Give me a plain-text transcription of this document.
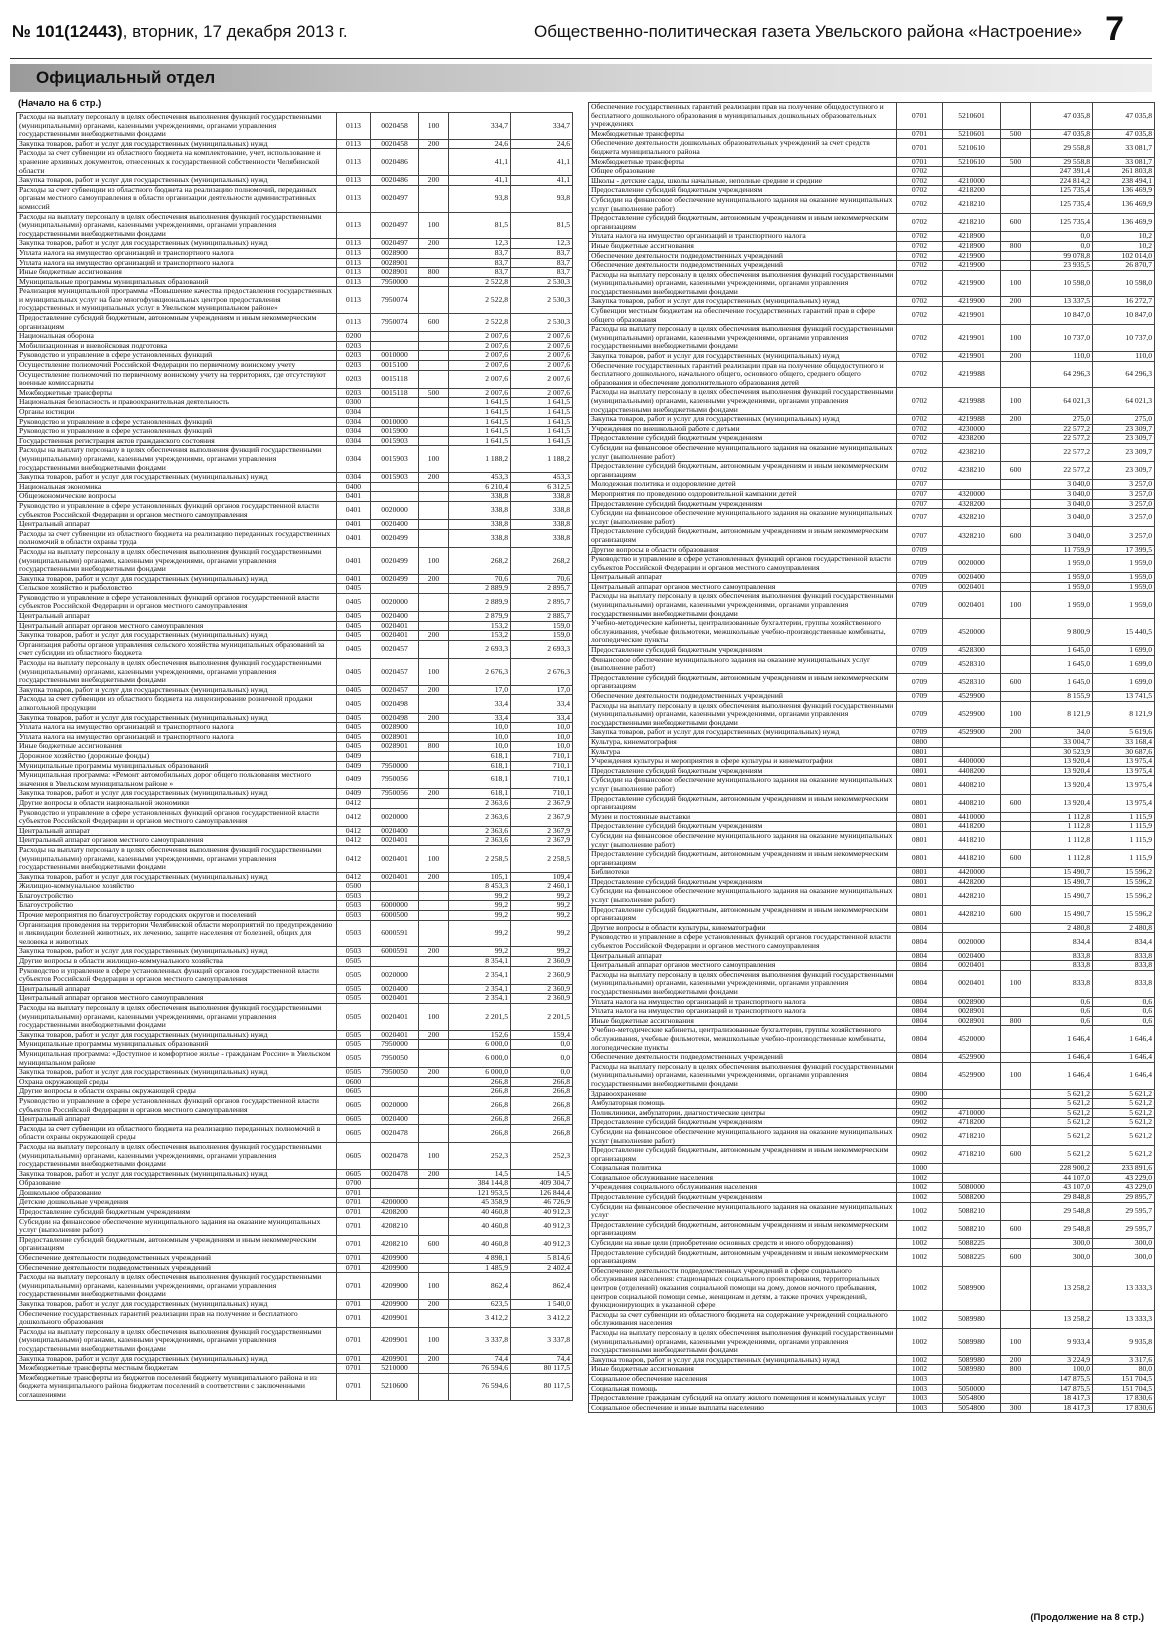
№ 101(12443), вторник, 17 декабря 2013 г.	Общественно-политическая газета Увельского района «Настроение» 7
Официальный отдел
(Начало на 6 стр.)
Расходы на выплату персоналу в целях обеспечения выполнения функций государственными (муниципальными) органами, казенными учреждениями, органами управления государственными внебюджетными фондами	0113	0020458	100	334,7	334,7
Закупка товаров, работ и услуг для государственных (муниципальных) нужд	0113	0020458	200	24,6	24,6
Расходы за счет субвенции из областного бюджета на комплектование, учет, использование и хранение архивных документов, отнесенных к государственной собственности Челябинской области	0113	0020486		41,1	41,1
Закупка товаров, работ и услуг для государственных (муниципальных) нужд	0113	0020486	200	41,1	41,1
Расходы за счет субвенции из областного бюджета на реализацию полномочий, переданных органам местного самоуправления в области организации деятельности административных комиссий	0113	0020497		93,8	93,8
Расходы на выплату персоналу в целях обеспечения выполнения функций государственными (муниципальными) органами, казенными учреждениями, органами управления государственными внебюджетными фондами	0113	0020497	100	81,5	81,5
Закупка товаров, работ и услуг для государственных (муниципальных) нужд	0113	0020497	200	12,3	12,3
Уплата налога на имущество организаций и транспортного налога	0113	0028900		83,7	83,7
Уплата налога на имущество организаций и транспортного налога	0113	0028901		83,7	83,7
Иные бюджетные ассигнования	0113	0028901	800	83,7	83,7
Муниципальные программы муниципальных образований	0113	7950000		2 522,8	2 530,3
Реализация муниципальной программы «Повышение качества предоставления государственных и муниципальных услуг на базе многофункциональных центров предоставления государственных и муниципальных услуг в Увельском муниципальном районе»	0113	7950074		2 522,8	2 530,3
Предоставление субсидий бюджетным, автономным учреждениям и иным некоммерческим организациям	0113	7950074	600	2 522,8	2 530,3
Национальная оборона	0200			2 007,6	2 007,6
Мобилизационная и вневойсковая подготовка	0203			2 007,6	2 007,6
Руководство и управление в сфере установленных функций	0203	0010000		2 007,6	2 007,6
Осуществление полномочий Российской Федерации по первичному воинскому учету	0203	0015100		2 007,6	2 007,6
Осуществление полномочий по первичному воинскому учету на территориях, где отсутствуют военные комиссариаты	0203	0015118		2 007,6	2 007,6
Межбюджетные трансферты	0203	0015118	500	2 007,6	2 007,6
Национальная безопасность и правоохранительная деятельность	0300			1 641,5	1 641,5
Органы юстиции	0304			1 641,5	1 641,5
Руководство и управление в сфере установленных функций	0304	0010000		1 641,5	1 641,5
Руководство и управление в сфере установленных функций	0304	0015900		1 641,5	1 641,5
Государственная регистрация актов гражданского состояния	0304	0015903		1 641,5	1 641,5
Расходы на выплату персоналу в целях обеспечения выполнения функций государственными (муниципальными) органами, казенными учреждениями, органами управления государственными внебюджетными фондами	0304	0015903	100	1 188,2	1 188,2
Закупка товаров, работ и услуг для государственных (муниципальных) нужд	0304	0015903	200	453,3	453,3
Национальная экономика	0400			6 210,4	6 312,5
Общеэкономические вопросы	0401			338,8	338,8
Руководство и управление в сфере установленных функций органов государственной власти субъектов Российской Федерации и органов местного самоуправления	0401	0020000		338,8	338,8
Центральный аппарат	0401	0020400		338,8	338,8
Расходы за счет субвенции из областного бюджета на реализацию переданных государственных полномочий в области охраны труда	0401	0020499		338,8	338,8
Расходы на выплату персоналу в целях обеспечения выполнения функций государственными (муниципальными) органами, казенными учреждениями, органами управления государственными внебюджетными фондами	0401	0020499	100	268,2	268,2
Закупка товаров, работ и услуг для государственных (муниципальных) нужд	0401	0020499	200	70,6	70,6
Сельское хозяйство и рыболовство	0405			2 889,9	2 895,7
Руководство и управление в сфере установленных функций органов государственной власти субъектов Российской Федерации и органов местного самоуправления	0405	0020000		2 889,9	2 895,7
Центральный аппарат	0405	0020400		2 879,9	2 885,7
Центральный аппарат органов местного самоуправления	0405	0020401		153,2	159,0
Закупка товаров, работ и услуг для государственных (муниципальных) нужд	0405	0020401	200	153,2	159,0
Организация работы органов управления сельского хозяйства муниципальных образований за счет субсидии из областного бюджета	0405	0020457		2 693,3	2 693,3
Расходы на выплату персоналу в целях обеспечения выполнения функций государственными (муниципальными) органами, казенными учреждениями, органами управления государственными внебюджетными фондами	0405	0020457	100	2 676,3	2 676,3
Закупка товаров, работ и услуг для государственных (муниципальных) нужд	0405	0020457	200	17,0	17,0
Расходы за счет субвенции из областного бюджета на лицензирование розничной продажи алкогольной продукции	0405	0020498		33,4	33,4
Закупка товаров, работ и услуг для государственных (муниципальных) нужд	0405	0020498	200	33,4	33,4
Уплата налога на имущество организаций и транспортного налога	0405	0028900		10,0	10,0
Уплата налога на имущество организаций и транспортного налога	0405	0028901		10,0	10,0
Иные бюджетные ассигнования	0405	0028901	800	10,0	10,0
Дорожное хозяйство (дорожные фонды)	0409			618,1	710,1
Муниципальные программы муниципальных образований	0409	7950000		618,1	710,1
Муниципальная программа: «Ремонт автомобильных дорог общего пользования местного значения в Увельском муниципальном районе »	0409	7950056		618,1	710,1
Закупка товаров, работ и услуг для государственных (муниципальных) нужд	0409	7950056	200	618,1	710,1
Другие вопросы в области национальной экономики	0412			2 363,6	2 367,9
Руководство и управление в сфере установленных функций органов государственной власти субъектов Российской Федерации и органов местного самоуправления	0412	0020000		2 363,6	2 367,9
Центральный аппарат	0412	0020400		2 363,6	2 367,9
Центральный аппарат органов местного самоуправления	0412	0020401		2 363,6	2 367,9
Расходы на выплату персоналу в целях обеспечения выполнения функций государственными (муниципальными) органами, казенными учреждениями, органами управления государственными внебюджетными фондами	0412	0020401	100	2 258,5	2 258,5
Закупка товаров, работ и услуг для государственных (муниципальных) нужд	0412	0020401	200	105,1	109,4
Жилищно-коммунальное хозяйство	0500			8 453,3	2 460,1
Благоустройство	0503			99,2	99,2
Благоустройство	0503	6000000		99,2	99,2
Прочие мероприятия по благоустройству городских округов и поселений	0503	6000500		99,2	99,2
Организация проведения на территории Челябинской области мероприятий по предупреждению и ликвидации болезней животных, их лечению, защите населения от болезней, общих для человека и животных	0503	6000591		99,2	99,2
Закупка товаров, работ и услуг для государственных (муниципальных) нужд	0503	6000591	200	99,2	99,2
Другие вопросы в области жилищно-коммунального хозяйства	0505			8 354,1	2 360,9
Руководство и управление в сфере установленных функций органов государственной власти субъектов Российской Федерации и органов местного самоуправления	0505	0020000		2 354,1	2 360,9
Центральный аппарат	0505	0020400		2 354,1	2 360,9
Центральный аппарат органов местного самоуправления	0505	0020401		2 354,1	2 360,9
Расходы на выплату персоналу в целях обеспечения выполнения функций государственными (муниципальными) органами, казенными учреждениями, органами управления государственными внебюджетными фондами	0505	0020401	100	2 201,5	2 201,5
Закупка товаров, работ и услуг для государственных (муниципальных) нужд	0505	0020401	200	152,6	159,4
Муниципальные программы муниципальных образований	0505	7950000		6 000,0	0,0
Муниципальная программа: «Доступное и комфортное жилье - гражданам России» в Увельском муниципальном районе	0505	7950050		6 000,0	0,0
Закупка товаров, работ и услуг для государственных (муниципальных) нужд	0505	7950050	200	6 000,0	0,0
Охрана окружающей среды	0600			266,8	266,8
Другие вопросы в области охраны окружающей среды	0605			266,8	266,8
Руководство и управление в сфере установленных функций органов государственной власти субъектов Российской Федерации и органов местного самоуправления	0605	0020000		266,8	266,8
Центральный аппарат	0605	0020400		266,8	266,8
Расходы за счет субвенции из областного бюджета на реализацию переданных полномочий в области охраны окружающей среды	0605	0020478		266,8	266,8
Расходы на выплату персоналу в целях обеспечения выполнения функций государственными (муниципальными) органами, казенными учреждениями, органами управления государственными внебюджетными фондами	0605	0020478	100	252,3	252,3
Закупка товаров, работ и услуг для государственных (муниципальных) нужд	0605	0020478	200	14,5	14,5
Образование	0700			384 144,8	409 304,7
Дошкольное образование	0701			121 953,5	126 844,4
Детские дошкольные учреждения	0701	4200000		45 358,9	46 726,9
Предоставление субсидий бюджетным учреждениям	0701	4208200		40 460,8	40 912,3
Субсидии на финансовое обеспечение муниципального задания на оказание муниципальных услуг (выполнение работ)	0701	4208210		40 460,8	40 912,3
Предоставление субсидий бюджетным, автономным учреждениям и иным некоммерческим организациям	0701	4208210	600	40 460,8	40 912,3
Обеспечение деятельности подведомственных учреждений	0701	4209900		4 898,1	5 814,6
Обеспечение деятельности подведомственных учреждений	0701	4209900		1 485,9	2 402,4
Расходы на выплату персоналу в целях обеспечения выполнения функций государственными (муниципальными) органами, казенными учреждениями, органами управления государственными внебюджетными фондами	0701	4209900	100	862,4	862,4
Закупка товаров, работ и услуг для государственных (муниципальных) нужд	0701	4209900	200	623,5	1 540,0
Обеспечение государственных гарантий реализации прав на получение и бесплатного дошкольного образования	0701	4209901		3 412,2	3 412,2
Расходы на выплату персоналу в целях обеспечения выполнения функций государственными (муниципальными) органами, казенными учреждениями, органами управления государственными внебюджетными фондами	0701	4209901	100	3 337,8	3 337,8
Закупка товаров, работ и услуг для государственных (муниципальных) нужд	0701	4209901	200	74,4	74,4
Межбюджетные трансферты местным бюджетам	0701	5210000		76 594,6	80 117,5
Межбюджетные трансферты из бюджетов поселений бюджету муниципального района и из бюджета муниципального района бюджетам поселений в соответствии с заключенными соглашениями	0701	5210600		76 594,6	80 117,5
Обеспечение государственных гарантий реализации прав на получение общедоступного и бесплатного дошкольного образования в муниципальных дошкольных образовательных учреждениях	0701	5210601		47 035,8	47 035,8
Межбюджетные трансферты	0701	5210601	500	47 035,8	47 035,8
Обеспечение деятельности дошкольных образовательных учреждений за счет средств бюджета муниципального района	0701	5210610		29 558,8	33 081,7
Межбюджетные трансферты	0701	5210610	500	29 558,8	33 081,7
Общее образование	0702			247 391,4	261 803,8
Школы - детские сады, школы начальные, неполные средние и средние	0702	4210000		224 814,2	238 494,1
Предоставление субсидий бюджетным учреждениям	0702	4218200		125 735,4	136 469,9
Субсидии на финансовое обеспечение муниципального задания на оказание муниципальных услуг (выполнение работ)	0702	4218210		125 735,4	136 469,9
Предоставление субсидий бюджетным, автономным учреждениям и иным некоммерческим организациям	0702	4218210	600	125 735,4	136 469,9
Уплата налога на имущество организаций и транспортного налога	0702	4218900		0,0	10,2
Иные бюджетные ассигнования	0702	4218900	800	0,0	10,2
Обеспечение деятельности подведомственных учреждений	0702	4219900		99 078,8	102 014,0
Обеспечение деятельности подведомственных учреждений	0702	4219900		23 935,5	26 870,7
Расходы на выплату персоналу в целях обеспечения выполнения функций государственными (муниципальными) органами, казенными учреждениями, органами управления государственными внебюджетными фондами	0702	4219900	100	10 598,0	10 598,0
Закупка товаров, работ и услуг для государственных (муниципальных) нужд	0702	4219900	200	13 337,5	16 272,7
Субвенции местным бюджетам на обеспечение государственных гарантий прав в сфере общего образования	0702	4219901		10 847,0	10 847,0
Расходы на выплату персоналу в целях обеспечения выполнения функций государственными (муниципальными) органами, казенными учреждениями, органами управления государственными внебюджетными фондами	0702	4219901	100	10 737,0	10 737,0
Закупка товаров, работ и услуг для государственных (муниципальных) нужд	0702	4219901	200	110,0	110,0
Обеспечение государственных гарантий реализации прав на получение общедоступного и бесплатного дошкольного, начального общего, основного общего, среднего общего образования и обеспечение дополнительного образования детей	0702	4219988		64 296,3	64 296,3
Расходы на выплату персоналу в целях обеспечения выполнения функций государственными (муниципальными) органами, казенными учреждениями, органами управления государственными внебюджетными фондами	0702	4219988	100	64 021,3	64 021,3
Закупка товаров, работ и услуг для государственных (муниципальных) нужд	0702	4219988	200	275,0	275,0
Учреждения по внешкольной работе с детьми	0702	4230000		22 577,2	23 309,7
Предоставление субсидий бюджетным учреждениям	0702	4238200		22 577,2	23 309,7
Субсидии на финансовое обеспечение муниципального задания на оказание муниципальных услуг (выполнение работ)	0702	4238210		22 577,2	23 309,7
Предоставление субсидий бюджетным, автономным учреждениям и иным некоммерческим организациям	0702	4238210	600	22 577,2	23 309,7
Молодежная политика и оздоровление детей	0707			3 040,0	3 257,0
Мероприятия по проведению оздоровительной кампании детей	0707	4320000		3 040,0	3 257,0
Предоставление субсидий бюджетным учреждениям	0707	4328200		3 040,0	3 257,0
Субсидии на финансовое обеспечение муниципального задания на оказание муниципальных услуг (выполнение работ)	0707	4328210		3 040,0	3 257,0
Предоставление субсидий бюджетным, автономным учреждениям и иным некоммерческим организациям	0707	4328210	600	3 040,0	3 257,0
Другие вопросы в области образования	0709			11 759,9	17 399,5
Руководство и управление в сфере установленных функций органов государственной власти субъектов Российской Федерации и органов местного самоуправления	0709	0020000		1 959,0	1 959,0
Центральный аппарат	0709	0020400		1 959,0	1 959,0
Центральный аппарат органов местного самоуправления	0709	0020401		1 959,0	1 959,0
Расходы на выплату персоналу в целях обеспечения выполнения функций государственными (муниципальными) органами, казенными учреждениями, органами управления государственными внебюджетными фондами	0709	0020401	100	1 959,0	1 959,0
Учебно-методические кабинеты, централизованные бухгалтерии, группы хозяйственного обслуживания, учебные фильмотеки, межшкольные учебно-производственные комбинаты, логопедические пункты	0709	4520000		9 800,9	15 440,5
Предоставление субсидий бюджетным учреждениям	0709	4528300		1 645,0	1 699,0
Финансовое обеспечение муниципального задания на оказание муниципальных услуг (выполнение работ)	0709	4528310		1 645,0	1 699,0
Предоставление субсидий бюджетным, автономным учреждениям и иным некоммерческим организациям	0709	4528310	600	1 645,0	1 699,0
Обеспечение деятельности подведомственных учреждений	0709	4529900		8 155,9	13 741,5
Расходы на выплату персоналу в целях обеспечения выполнения функций государственными (муниципальными) органами, казенными учреждениями, органами управления государственными внебюджетными фондами	0709	4529900	100	8 121,9	8 121,9
Закупка товаров, работ и услуг для государственных (муниципальных) нужд	0709	4529900	200	34,0	5 619,6
Культура, кинематография	0800			33 004,7	33 168,4
Культура	0801			30 523,9	30 687,6
Учреждения культуры и мероприятия в сфере культуры и кинематографии	0801	4400000		13 920,4	13 975,4
Предоставление субсидий бюджетным учреждениям	0801	4408200		13 920,4	13 975,4
Субсидии на финансовое обеспечение муниципального задания на оказание муниципальных услуг (выполнение работ)	0801	4408210		13 920,4	13 975,4
Предоставление субсидий бюджетным, автономным учреждениям и иным некоммерческим организациям	0801	4408210	600	13 920,4	13 975,4
Музеи и постоянные выставки	0801	4410000		1 112,8	1 115,9
Предоставление субсидий бюджетным учреждениям	0801	4418200		1 112,8	1 115,9
Субсидии на финансовое обеспечение муниципального задания на оказание муниципальных услуг (выполнение работ)	0801	4418210		1 112,8	1 115,9
Предоставление субсидий бюджетным, автономным учреждениям и иным некоммерческим организациям	0801	4418210	600	1 112,8	1 115,9
Библиотеки	0801	4420000		15 490,7	15 596,2
Предоставление субсидий бюджетным учреждениям	0801	4428200		15 490,7	15 596,2
Субсидии на финансовое обеспечение муниципального задания на оказание муниципальных услуг (выполнение работ)	0801	4428210		15 490,7	15 596,2
Предоставление субсидий бюджетным, автономным учреждениям и иным некоммерческим организациям	0801	4428210	600	15 490,7	15 596,2
Другие вопросы в области культуры, кинематографии	0804			2 480,8	2 480,8
Руководство и управление в сфере установленных функций органов государственной власти субъектов Российской Федерации и органов местного самоуправления	0804	0020000		834,4	834,4
Центральный аппарат	0804	0020400		833,8	833,8
Центральный аппарат органов местного самоуправления	0804	0020401		833,8	833,8
Расходы на выплату персоналу в целях обеспечения выполнения функций государственными (муниципальными) органами, казенными учреждениями, органами управления государственными внебюджетными фондами	0804	0020401	100	833,8	833,8
Уплата налога на имущество организаций и транспортного налога	0804	0028900		0,6	0,6
Уплата налога на имущество организаций и транспортного налога	0804	0028901		0,6	0,6
Иные бюджетные ассигнования	0804	0028901	800	0,6	0,6
Учебно-методические кабинеты, централизованные бухгалтерии, группы хозяйственного обслуживания, учебные фильмотеки, межшкольные учебно-производственные комбинаты, логопедические пункты	0804	4520000		1 646,4	1 646,4
Обеспечение деятельности подведомственных учреждений	0804	4529900		1 646,4	1 646,4
Расходы на выплату персоналу в целях обеспечения выполнения функций государственными (муниципальными) органами, казенными учреждениями, органами управления государственными внебюджетными фондами	0804	4529900	100	1 646,4	1 646,4
Здравоохранение	0900			5 621,2	5 621,2
Амбулаторная помощь	0902			5 621,2	5 621,2
Поликлиники, амбулатории, диагностические центры	0902	4710000		5 621,2	5 621,2
Предоставление субсидий бюджетным учреждениям	0902	4718200		5 621,2	5 621,2
Субсидии на финансовое обеспечение муниципального задания на оказание муниципальных услуг (выполнение работ)	0902	4718210		5 621,2	5 621,2
Предоставление субсидий бюджетным, автономным учреждениям и иным некоммерческим организациям	0902	4718210	600	5 621,2	5 621,2
Социальная политика	1000			228 900,2	233 891,6
Социальное обслуживание населения	1002			44 107,0	43 229,0
Учреждения социального обслуживания населения	1002	5080000		43 107,0	43 229,0
Предоставление субсидий бюджетным учреждениям	1002	5088200		29 848,8	29 895,7
Субсидии на финансовое обеспечение муниципального задания на оказание муниципальных услуг	1002	5088210		29 548,8	29 595,7
Предоставление субсидий бюджетным, автономным учреждениям и иным некоммерческим организациям	1002	5088210	600	29 548,8	29 595,7
Субсидии на иные цели (приобретение основных средств и иного оборудования)	1002	5088225		300,0	300,0
Предоставление субсидий бюджетным, автономным учреждениям и иным некоммерческим организациям	1002	5088225	600	300,0	300,0
Обеспечение деятельности подведомственных учреждений в сфере социального обслуживания населения: стационарных социального проектирования, территориальных центров (отделений) оказания социальной помощи на дому, домов ночного пребывания, центров социальной помощи семье, женщинам и детям, а также прочих учреждений, функционирующих в указанной сфере	1002	5089900		13 258,2	13 333,3
Расходы за счет субвенции из областного бюджета на содержание учреждений социального обслуживания населения	1002	5089980		13 258,2	13 333,3
Расходы на выплату персоналу в целях обеспечения выполнения функций государственными (муниципальными) органами, казенными учреждениями, органами управления государственными внебюджетными фондами	1002	5089980	100	9 933,4	9 935,8
Закупка товаров, работ и услуг для государственных (муниципальных) нужд	1002	5089980	200	3 224,9	3 317,6
Иные бюджетные ассигнования	1002	5089980	800	100,0	80,0
Социальное обеспечение населения	1003			147 875,5	151 704,5
Социальная помощь	1003	5050000		147 875,5	151 704,5
Предоставление гражданам субсидий на оплату жилого помещения и коммунальных услуг	1003	5054800		18 417,3	17 830,6
Социальное обеспечение и иные выплаты населению	1003	5054800	300	18 417,3	17 830,6
(Продолжение на 8 стр.)
